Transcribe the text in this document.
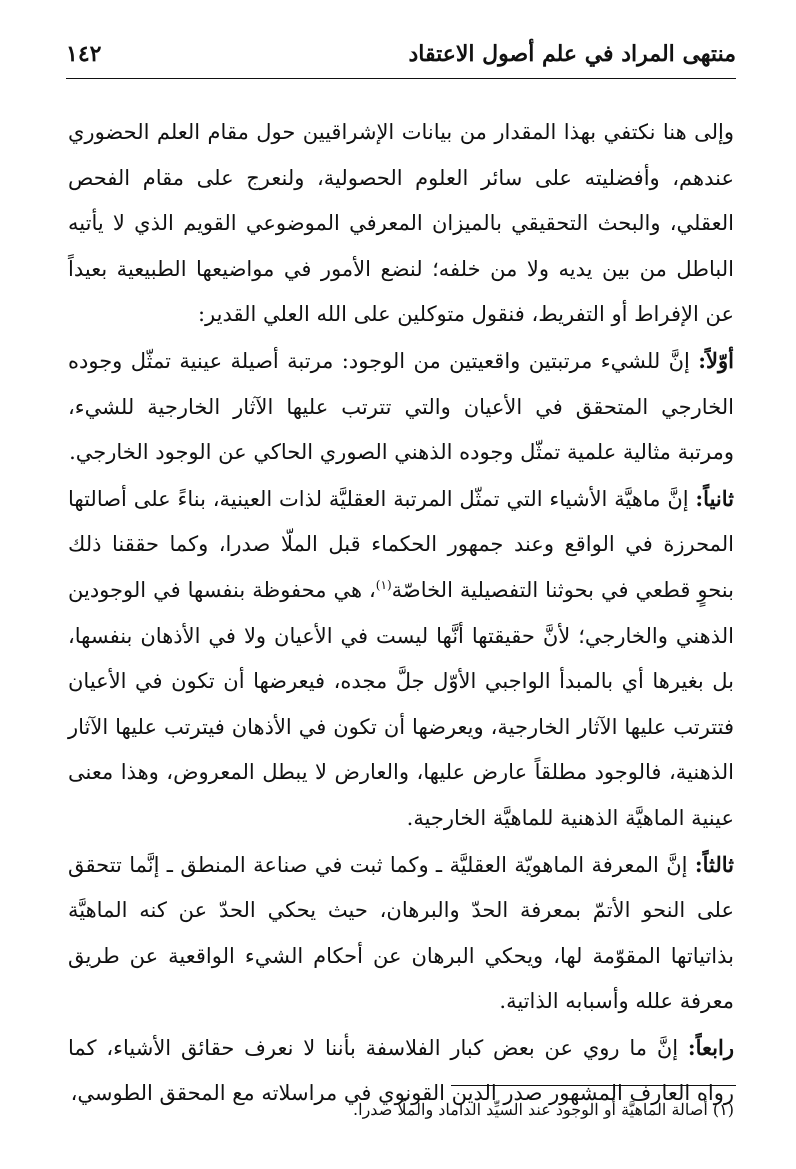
منتهى المراد في علم أصول الاعتقاد
١٤٢

وإلى هنا نكتفي بهذا المقدار من بيانات الإشراقيين حول مقام العلم الحضوري عندهم، وأفضليته على سائر العلوم الحصولية، ولنعرج على مقام الفحص العقلي، والبحث التحقيقي بالميزان المعرفي الموضوعي القويم الذي لا يأتيه الباطل من بين يديه ولا من خلفه؛ لنضع الأمور في مواضيعها الطبيعية بعيداً عن الإفراط أو التفريط، فنقول متوكلين على الله العلي القدير:

أوّلاً: إنَّ للشيء مرتبتين واقعيتين من الوجود: مرتبة أصيلة عينية تمثّل وجوده الخارجي المتحقق في الأعيان والتي تترتب عليها الآثار الخارجية للشيء، ومرتبة مثالية علمية تمثّل وجوده الذهني الصوري الحاكي عن الوجود الخارجي.

ثانياً: إنَّ ماهيَّة الأشياء التي تمثّل المرتبة العقليَّة لذات العينية، بناءً على أصالتها المحرزة في الواقع وعند جمهور الحكماء قبل الملّا صدرا، وكما حققنا ذلك بنحوٍ قطعي في بحوثنا التفصيلية الخاصّة$^{(١)}$، هي محفوظة بنفسها في الوجودين الذهني والخارجي؛ لأنَّ حقيقتها أنَّها ليست في الأعيان ولا في الأذهان بنفسها، بل بغيرها أي بالمبدأ الواجبي الأوّل جلَّ مجده، فيعرضها أن تكون في الأعيان فتترتب عليها الآثار الخارجية، ويعرضها أن تكون في الأذهان فيترتب عليها الآثار الذهنية، فالوجود مطلقاً عارض عليها، والعارض لا يبطل المعروض، وهذا معنى عينية الماهيَّة الذهنية للماهيَّة الخارجية.

ثالثاً: إنَّ المعرفة الماهويّة العقليَّة ـ وكما ثبت في صناعة المنطق ـ إنَّما تتحقق على النحو الأتمّ بمعرفة الحدّ والبرهان، حيث يحكي الحدّ عن كنه الماهيَّة بذاتياتها المقوّمة لها، ويحكي البرهان عن أحكام الشيء الواقعية عن طريق معرفة علله وأسبابه الذاتية.

رابعاً: إنَّ ما روي عن بعض كبار الفلاسفة بأننا لا نعرف حقائق الأشياء، كما رواه العارف المشهور صدر الدين القونوي في مراسلاته مع المحقق الطوسي،

(١) أصالة الماهيَّة أو الوجود عند السيِّد الداماد والملّا صدرا.
